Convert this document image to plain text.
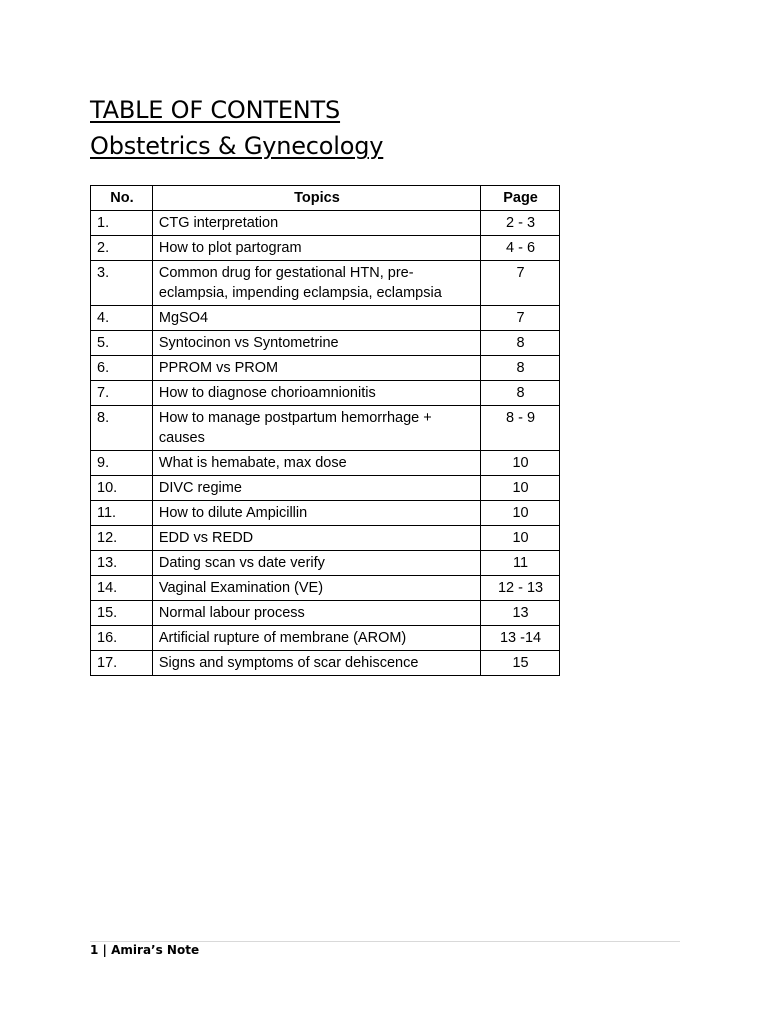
TABLE OF CONTENTS
Obstetrics & Gynecology
No.	Topics	Page
1.	CTG interpretation	2 - 3
2.	How to plot partogram	4 - 6
3.	Common drug for gestational HTN, pre-eclampsia, impending eclampsia, eclampsia	7
4.	MgSO4	7
5.	Syntocinon vs Syntometrine	8
6.	PPROM vs PROM	8
7.	How to diagnose chorioamnionitis	8
8.	How to manage postpartum hemorrhage + causes	8 - 9
9.	What is hemabate, max dose	10
10.	DIVC regime	10
11.	How to dilute Ampicillin	10
12.	EDD vs REDD	10
13.	Dating scan vs date verify	11
14.	Vaginal Examination (VE)	12 - 13
15.	Normal labour process	13
16.	Artificial rupture of membrane (AROM)	13 -14
17.	Signs and symptoms of scar dehiscence	15
1 | Amira’s Note
